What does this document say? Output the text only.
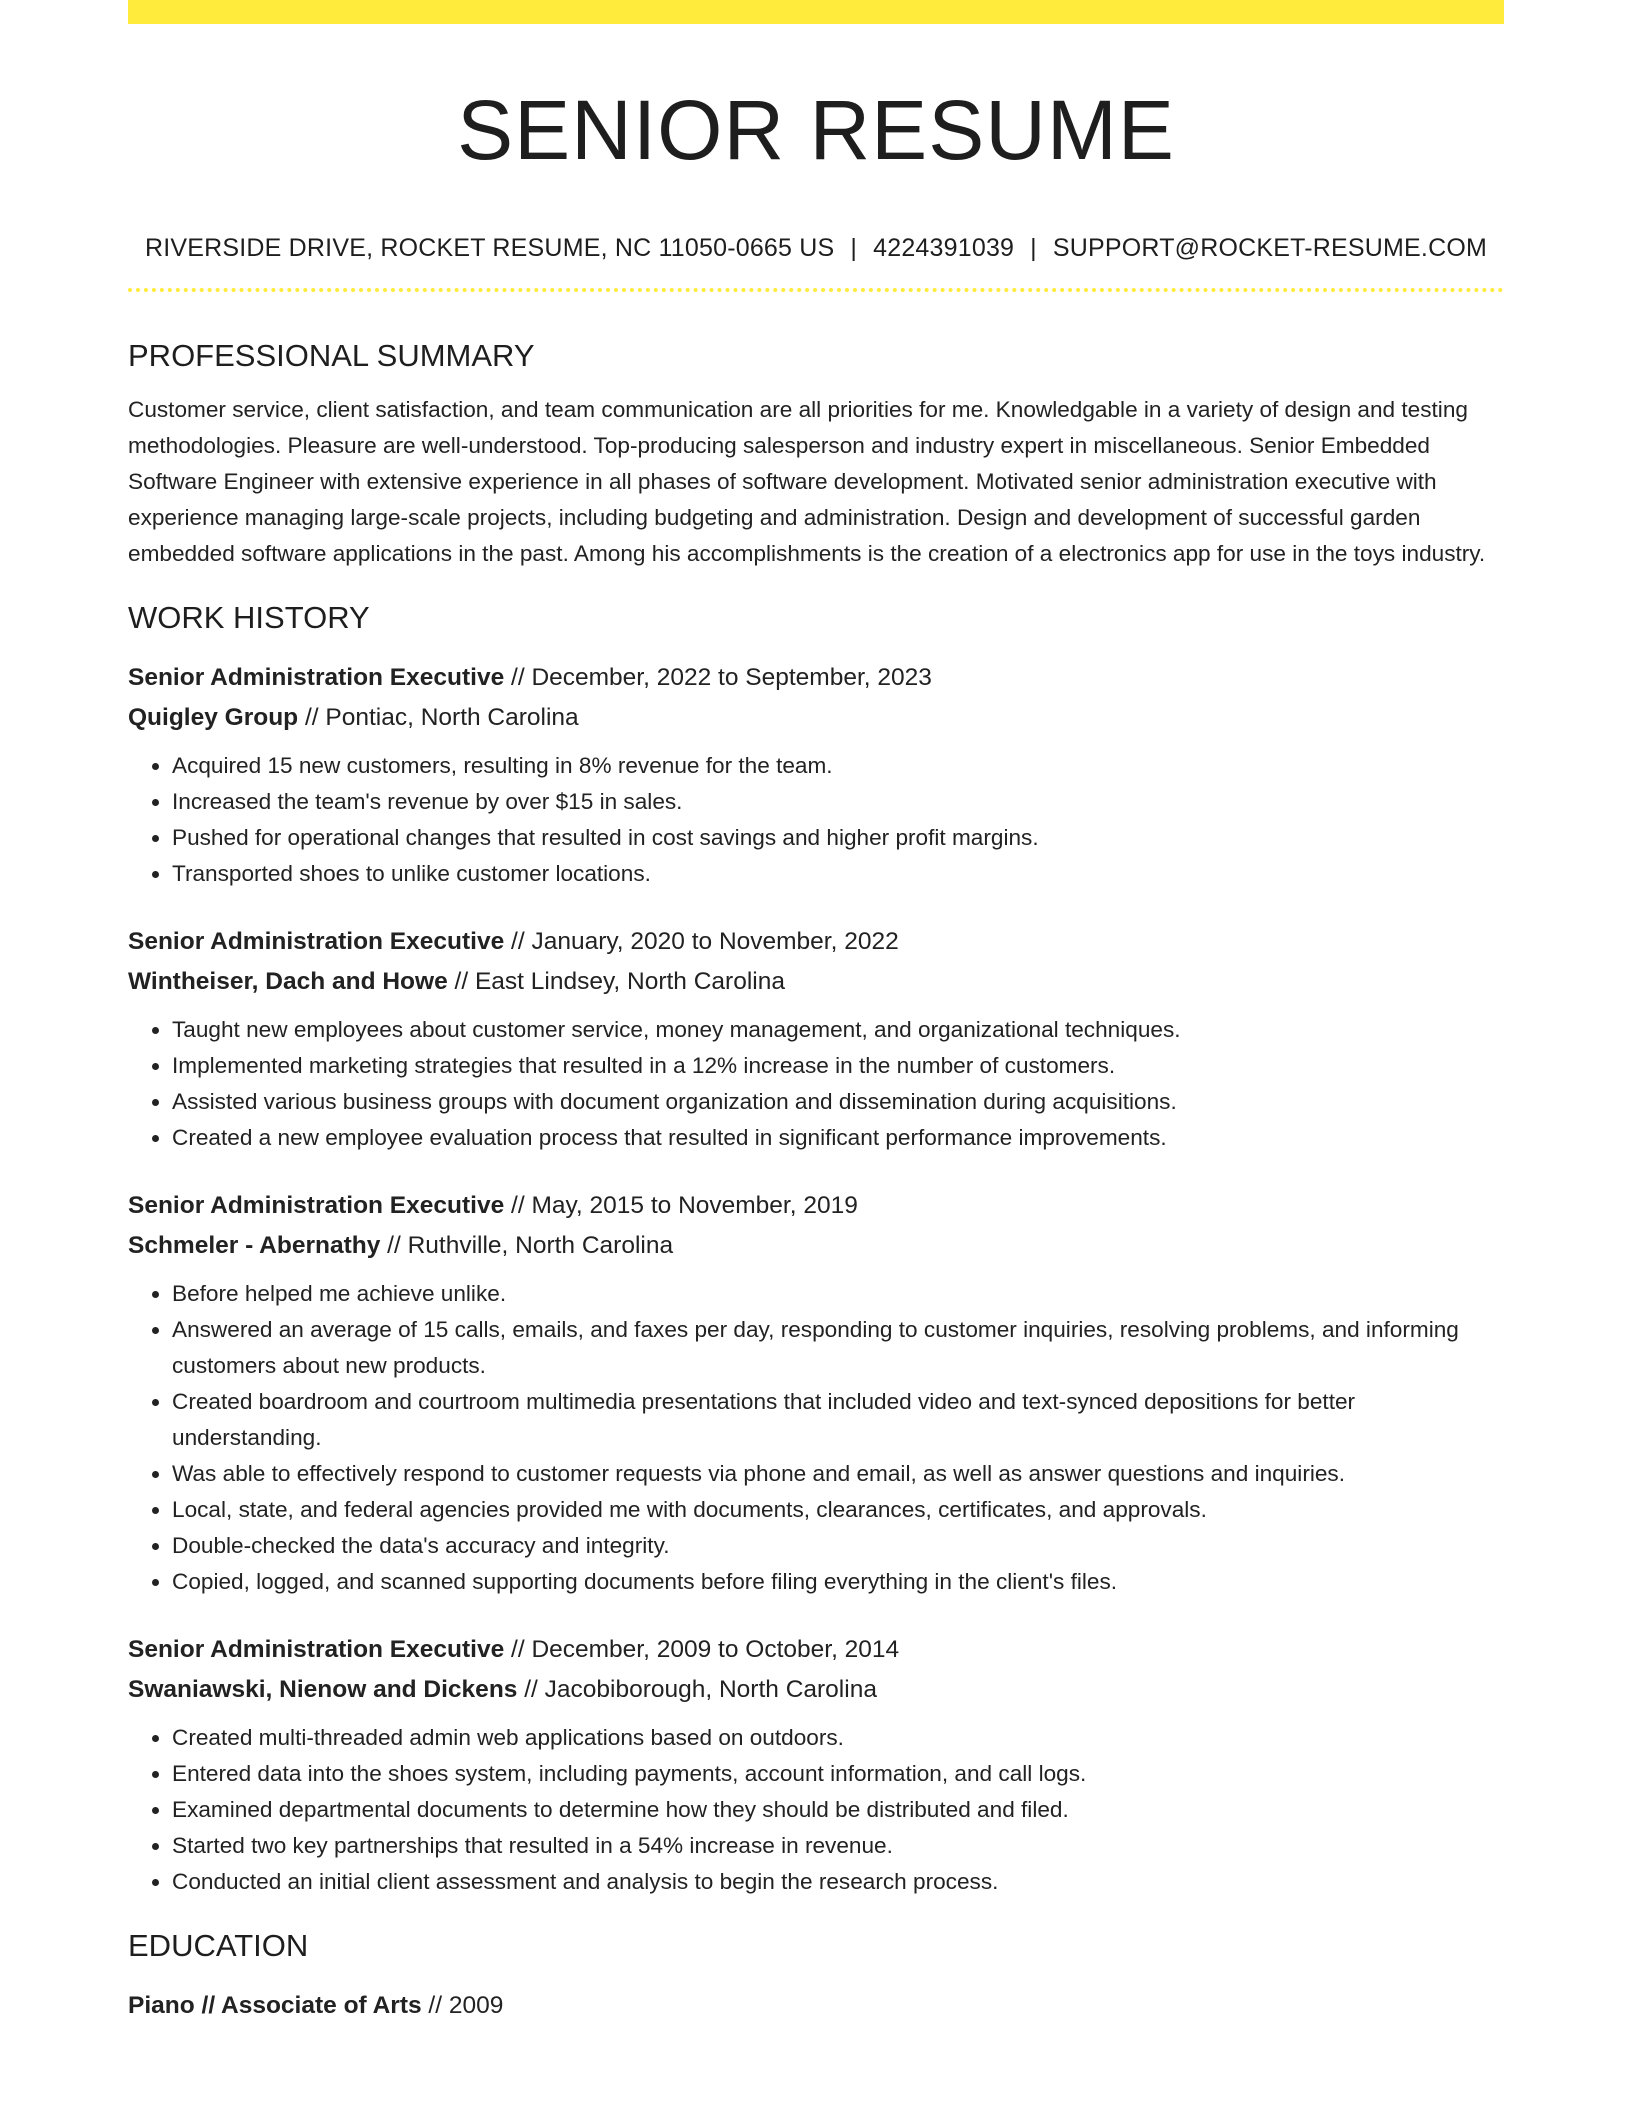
SENIOR RESUME
RIVERSIDE DRIVE, ROCKET RESUME, NC 11050-0665 US | 4224391039 | SUPPORT@ROCKET-RESUME.COM
PROFESSIONAL SUMMARY

Customer service, client satisfaction, and team communication are all priorities for me. Knowledgable in a variety of design and testing methodologies. Pleasure are well-understood. Top-producing salesperson and industry expert in miscellaneous. Senior Embedded Software Engineer with extensive experience in all phases of software development. Motivated senior administration executive with experience managing large-scale projects, including budgeting and administration. Design and development of successful garden embedded software applications in the past. Among his accomplishments is the creation of a electronics app for use in the toys industry.

WORK HISTORY

Senior Administration Executive // December, 2022 to September, 2023

Quigley Group // Pontiac, North Carolina

• Acquired 15 new customers, resulting in 8% revenue for the team.
• Increased the team's revenue by over $15 in sales.
• Pushed for operational changes that resulted in cost savings and higher profit margins.
• Transported shoes to unlike customer locations.

Senior Administration Executive // January, 2020 to November, 2022

Wintheiser, Dach and Howe // East Lindsey, North Carolina

• Taught new employees about customer service, money management, and organizational techniques.
• Implemented marketing strategies that resulted in a 12% increase in the number of customers.
• Assisted various business groups with document organization and dissemination during acquisitions.
• Created a new employee evaluation process that resulted in significant performance improvements.

Senior Administration Executive // May, 2015 to November, 2019

Schmeler - Abernathy // Ruthville, North Carolina

• Before helped me achieve unlike.
• Answered an average of 15 calls, emails, and faxes per day, responding to customer inquiries, resolving problems, and informing customers about new products.
• Created boardroom and courtroom multimedia presentations that included video and text-synced depositions for better understanding.
• Was able to effectively respond to customer requests via phone and email, as well as answer questions and inquiries.
• Local, state, and federal agencies provided me with documents, clearances, certificates, and approvals.
• Double-checked the data's accuracy and integrity.
• Copied, logged, and scanned supporting documents before filing everything in the client's files.

Senior Administration Executive // December, 2009 to October, 2014

Swaniawski, Nienow and Dickens // Jacobiborough, North Carolina

• Created multi-threaded admin web applications based on outdoors.
• Entered data into the shoes system, including payments, account information, and call logs.
• Examined departmental documents to determine how they should be distributed and filed.
• Started two key partnerships that resulted in a 54% increase in revenue.
• Conducted an initial client assessment and analysis to begin the research process.
EDUCATION

Piano // Associate of Arts // 2009
